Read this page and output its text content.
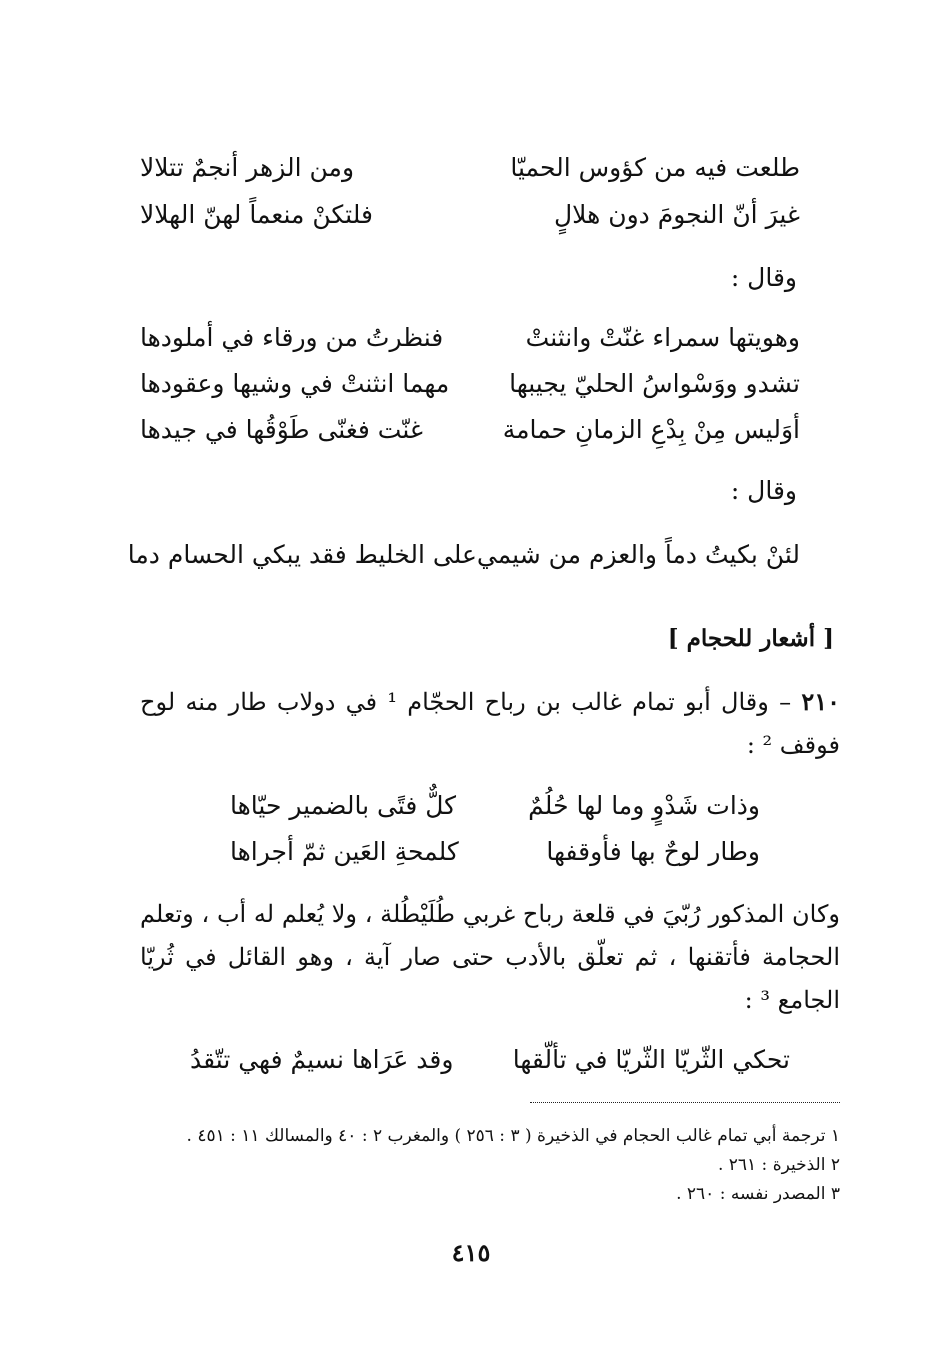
طلعت فيه من كؤوس الحميّا
ومن الزهر أنجمٌ تتلالا
غيرَ أنّ النجومَ دون هلالٍ
فلتكنْ منعماً لهنّ الهلالا
وقال :
وهويتها سمراء غنّتْ وانثنتْ
فنظرتُ من ورقاء في أملودها
تشدو ووَسْواسُ الحليّ يجيبها
مهما انثنتْ في وشيها وعقودها
أوَليس مِنْ بِدْعِ الزمانِ حمامة
غنّت فغنّى طَوْقُها في جيدها
وقال :
لئنْ بكيتُ دماً والعزم من شيمي
على الخليط فقد يبكي الحسام دما
[ أشعار للحجام ]
٢١٠ – وقال أبو تمام غالب بن رباح الحجّام ¹ في دولاب طار منه لوح فوقف ² :
وذات شَدْوٍ وما لها حُلُمٌ
كلٌّ فتًى بالضمير حيّاها
وطار لوحٌ بها فأوقفها
كلمحةِ العَين ثمّ أجراها
وكان المذكور رُبّيَ في قلعة رباح غربي طُلَيْطُلة ، ولا يُعلم له أب ، وتعلم الحجامة فأتقنها ، ثم تعلّق بالأدب حتى صار آية ، وهو القائل في ثُريّا الجامع ³ :
تحكي الثّريّا الثّريّا في تألّقها
وقد عَرَاها نسيمٌ فهي تتّقدُ
١ ترجمة أبي تمام غالب الحجام في الذخيرة ( ٣ : ٢٥٦ ) والمغرب ٢ : ٤٠ والمسالك ١١ : ٤٥١ .
٢ الذخيرة : ٢٦١ .
٣ المصدر نفسه : ٢٦٠ .
٤١٥
